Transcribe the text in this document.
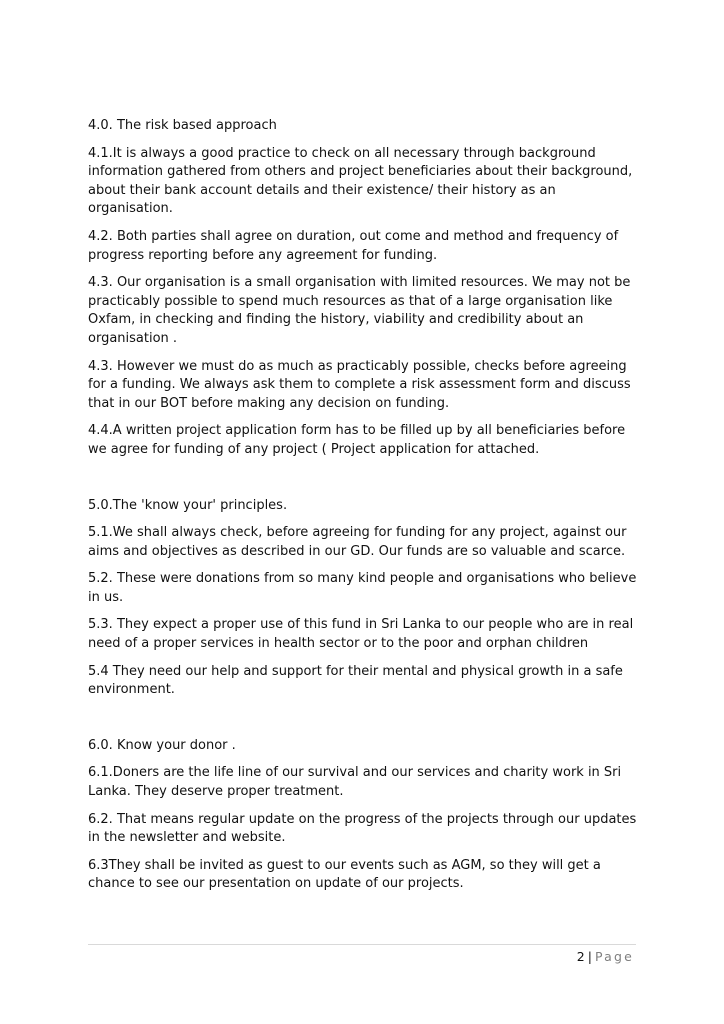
4.0. The risk based approach

4.1.It is always a good practice to check on all necessary through background information gathered from others and project beneficiaries about their background, about their bank account details and their existence/ their history as an organisation.

4.2. Both parties shall agree on duration, out come and method and frequency of progress reporting before any agreement for funding.

4.3. Our organisation is a small organisation with limited resources. We may not be practicably possible to spend much resources as that of a large organisation like Oxfam, in checking and finding the history, viability and credibility about an organisation .

4.3. However we must do as much as practicably possible, checks before agreeing for a funding. We always ask them to complete a risk assessment form and discuss that in our BOT before making any decision on funding.

4.4.A written project application form has to be filled up by all beneficiaries before we agree for funding of any project ( Project application for attached.

5.0.The 'know your' principles.

5.1.We shall always check, before agreeing for funding for any project, against our aims and objectives as described in our GD. Our funds are so valuable and scarce.

5.2. These were donations from so many kind people and organisations who believe in us.

5.3. They expect a proper use of this fund in Sri Lanka to our people who are in real need of a proper services in health sector or to the poor and orphan children

5.4 They need our help and support for their mental and physical growth in a safe environment.

6.0. Know your donor .

6.1.Doners are the life line of our survival and our services and charity work in Sri Lanka. They deserve proper treatment.

6.2. That means regular update on the progress of the projects through our updates in the newsletter and website.

6.3They shall be invited as guest to our events such as AGM, so they will get a chance to see our presentation on update of our projects.

2 | Page
